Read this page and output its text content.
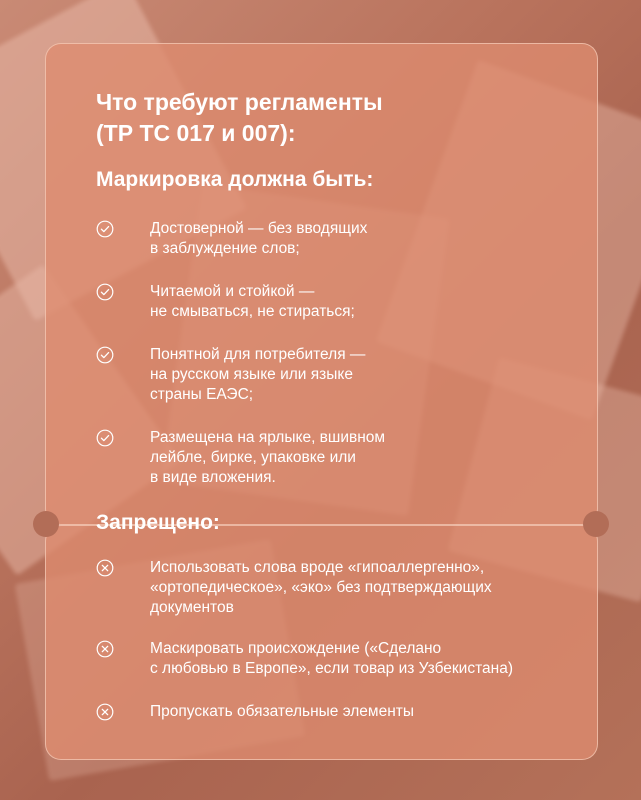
Что требуют регламенты
(ТР ТС 017 и 007):
Маркировка должна быть:
Достоверной — без вводящих
в заблуждение слов;
Читаемой и стойкой —
не смываться, не стираться;
Понятной для потребителя —
на русском языке или языке
страны ЕАЭС;
Размещена на ярлыке, вшивном
лейбле, бирке, упаковке или
в виде вложения.
Запрещено:
Использовать слова вроде «гипоаллергенно»,
«ортопедическое», «эко» без подтверждающих
документов
Маскировать происхождение («Сделано
с любовью в Европе», если товар из Узбекистана)
Пропускать обязательные элементы
